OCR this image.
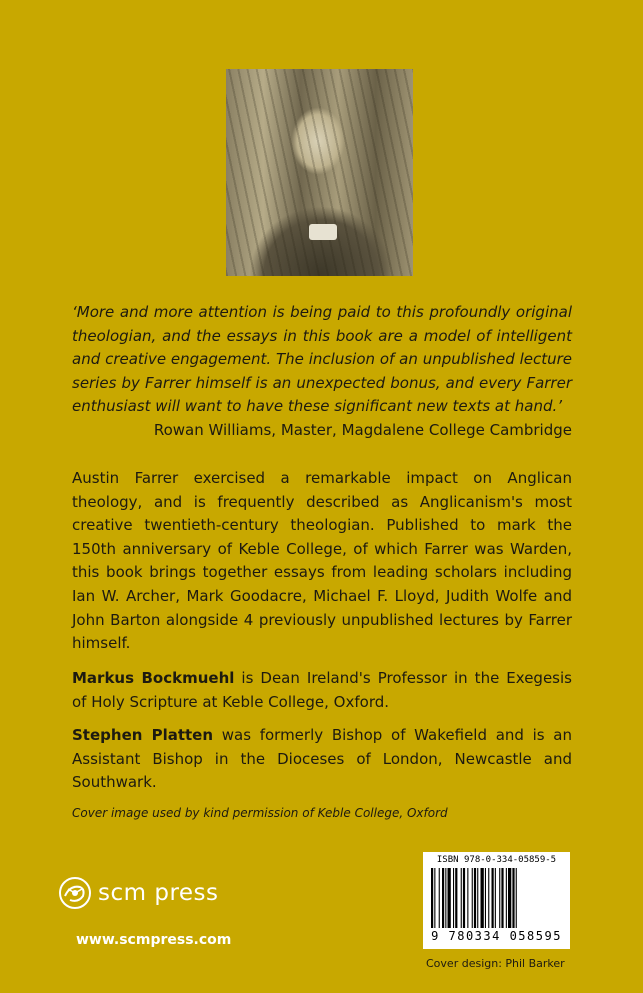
‘More and more attention is being paid to this profoundly original theologian, and the essays in this book are a model of intelligent and creative engagement. The inclusion of an unpublished lecture series by Farrer himself is an unexpected bonus, and every Farrer enthusiast will want to have these significant new texts at hand.’
Rowan Williams, Master, Magdalene College Cambridge
Austin Farrer exercised a remarkable impact on Anglican theology, and is frequently described as Anglicanism's most creative twentieth-century theologian. Published to mark the 150th anniversary of Keble College, of which Farrer was Warden, this book brings together essays from leading scholars including Ian W. Archer, Mark Goodacre, Michael F. Lloyd, Judith Wolfe and John Barton alongside 4 previously unpublished lectures by Farrer himself.
Markus Bockmuehl is Dean Ireland's Professor in the Exegesis of Holy Scripture at Keble College, Oxford.
Stephen Platten was formerly Bishop of Wakefield and is an Assistant Bishop in the Dioceses of London, Newcastle and Southwark.
Cover image used by kind permission of Keble College, Oxford
scm press
www.scmpress.com
ISBN 978-0-334-05859-5
9 780334 058595
Cover design: Phil Barker
